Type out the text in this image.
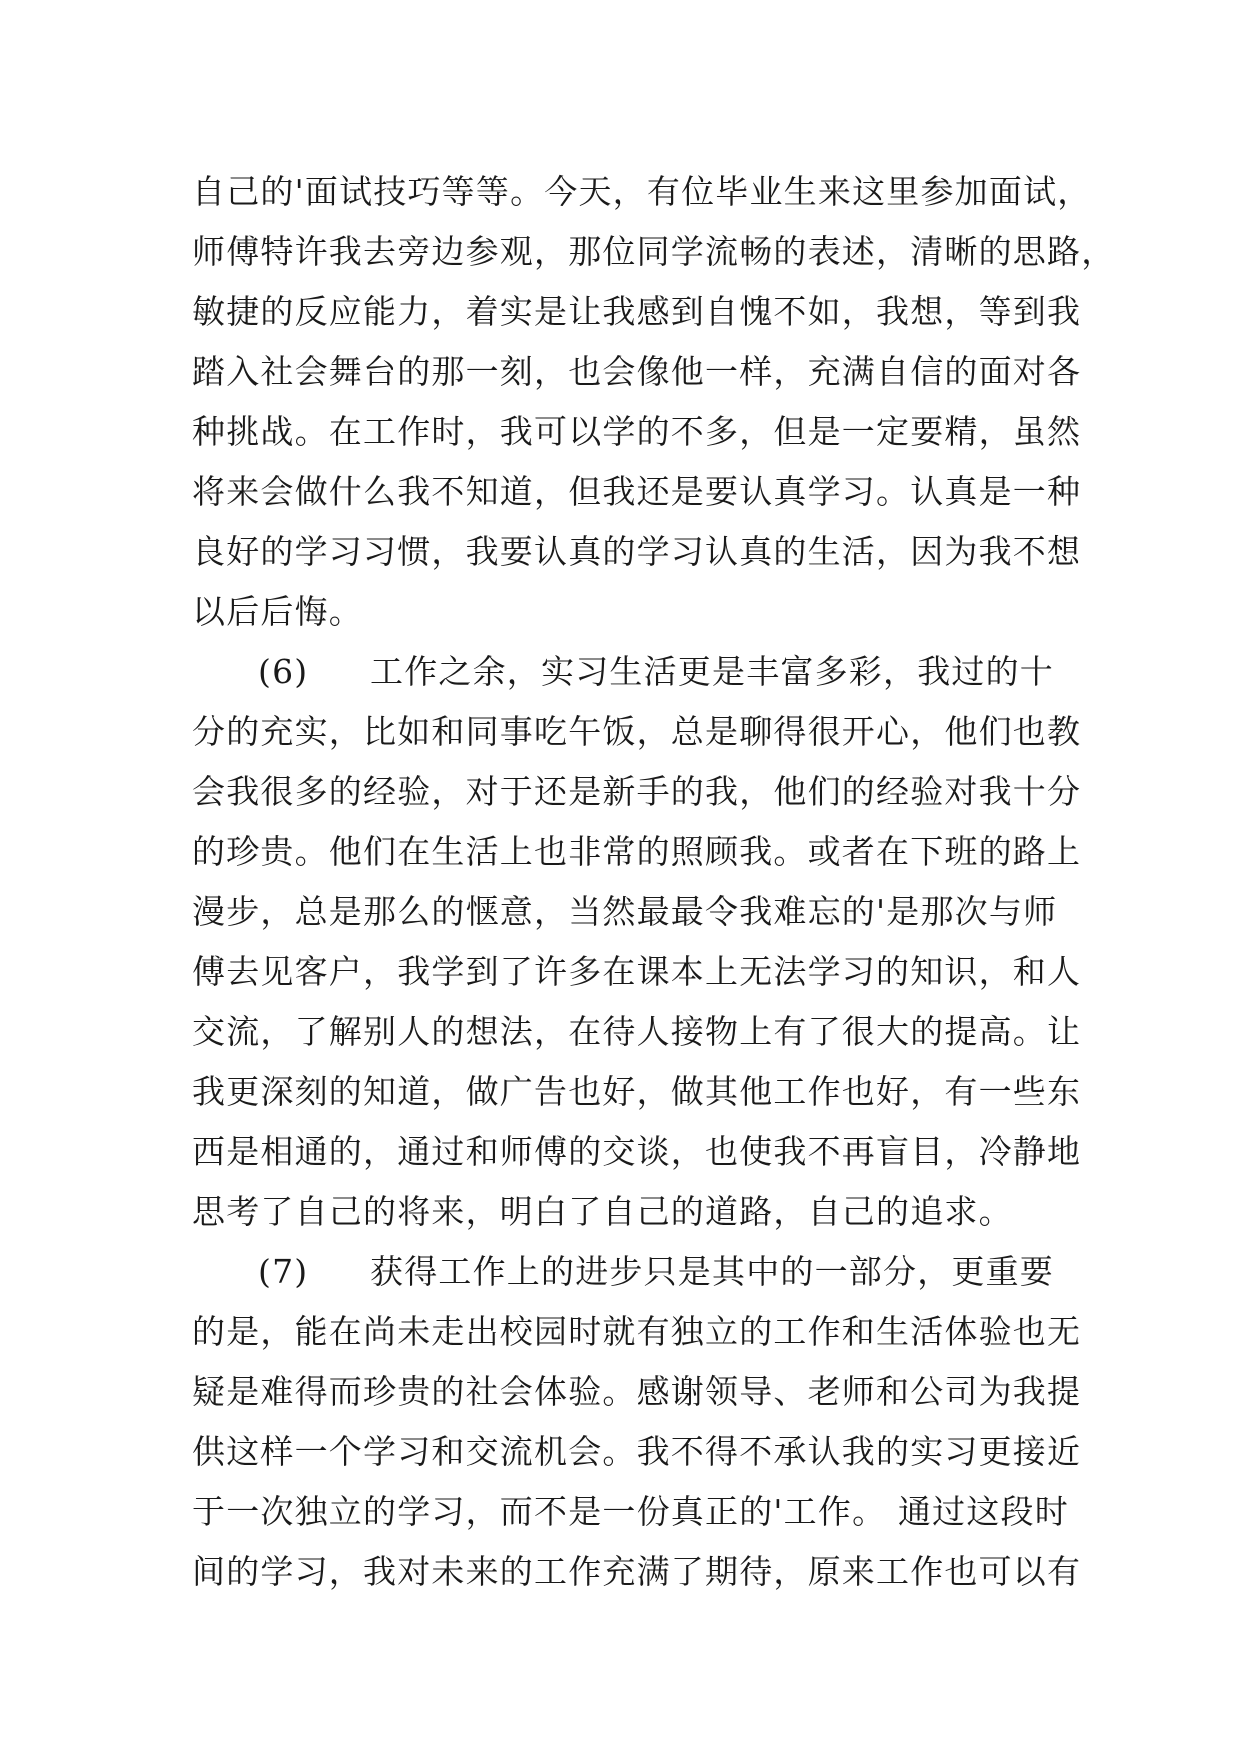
自己的'面试技巧等等。今天，有位毕业生来这里参加面试，
师傅特许我去旁边参观，那位同学流畅的表述，清晰的思路，
敏捷的反应能力，着实是让我感到自愧不如，我想，等到我
踏入社会舞台的那一刻，也会像他一样，充满自信的面对各
种挑战。在工作时，我可以学的不多，但是一定要精，虽然
将来会做什么我不知道，但我还是要认真学习。认真是一种
良好的学习习惯，我要认真的学习认真的生活，因为我不想
以后后悔。
(6) 工作之余，实习生活更是丰富多彩，我过的十
分的充实，比如和同事吃午饭，总是聊得很开心，他们也教
会我很多的经验，对于还是新手的我，他们的经验对我十分
的珍贵。他们在生活上也非常的照顾我。或者在下班的路上
漫步，总是那么的惬意，当然最最令我难忘的'是那次与师
傅去见客户，我学到了许多在课本上无法学习的知识，和人
交流，了解别人的想法，在待人接物上有了很大的提高。让
我更深刻的知道，做广告也好，做其他工作也好，有一些东
西是相通的，通过和师傅的交谈，也使我不再盲目，冷静地
思考了自己的将来，明白了自己的道路，自己的追求。
(7) 获得工作上的进步只是其中的一部分，更重要
的是，能在尚未走出校园时就有独立的工作和生活体验也无
疑是难得而珍贵的社会体验。感谢领导、老师和公司为我提
供这样一个学习和交流机会。我不得不承认我的实习更接近
于一次独立的学习，而不是一份真正的'工作。 通过这段时
间的学习，我对未来的工作充满了期待，原来工作也可以有
